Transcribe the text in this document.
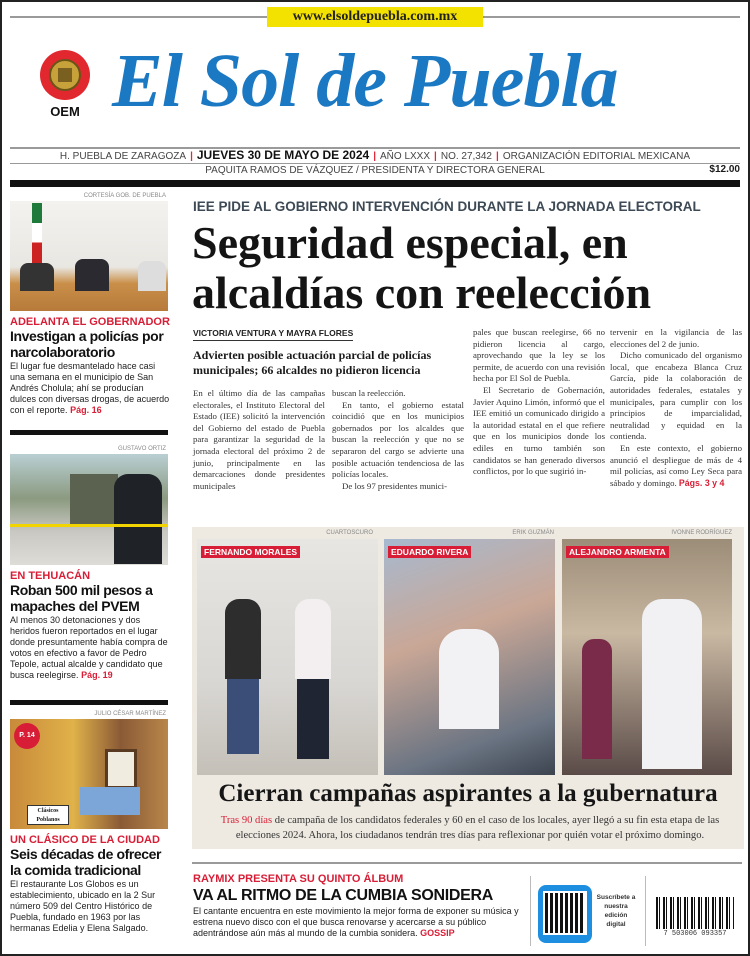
www.elsoldepuebla.com.mx
OEM El Sol de Puebla
H. PUEBLA DE ZARAGOZA | JUEVES 30 DE MAYO DE 2024 | AÑO LXXX | NO. 27,342 | ORGANIZACIÓN EDITORIAL MEXICANA
PAQUITA RAMOS DE VÁZQUEZ / PRESIDENTA Y DIRECTORA GENERAL	$12.00
CORTESÍA GOB. DE PUEBLA
ADELANTA EL GOBERNADOR
Investigan a policías por narcolaboratorio
El lugar fue desmantelado hace casi una semana en el municipio de San Andrés Cholula; ahí se producían dulces con diversas drogas, de acuerdo con el reporte. Pág. 16
GUSTAVO ORTIZ
EN TEHUACÁN
Roban 500 mil pesos a mapaches del PVEM
Al menos 30 detonaciones y dos heridos fueron reportados en el lugar donde presuntamente había compra de votos en efectivo a favor de Pedro Tepole, actual alcalde y candidato que busca reelegirse. Pág. 19
JULIO CÉSAR MARTÍNEZ
P. 14
Clásicos Poblanos
UN CLÁSICO DE LA CIUDAD
Seis décadas de ofrecer la comida tradicional
El restaurante Los Globos es un establecimiento, ubicado en la 2 Sur número 509 del Centro Histórico de Puebla, fundado en 1963 por las hermanas Edelia y Elena Salgado.
IEE PIDE AL GOBIERNO INTERVENCIÓN DURANTE LA JORNADA ELECTORAL
Seguridad especial, en alcaldías con reelección
VICTORIA VENTURA Y MAYRA FLORES
Advierten posible actuación parcial de policías municipales; 66 alcaldes no pidieron licencia

En el último día de las campañas electorales, el Instituto Electoral del Estado (IEE) solicitó la intervención del Gobierno del estado de Puebla para garantizar la seguridad de la jornada electoral del próximo 2 de junio, principalmente en las demarcaciones donde presidentes municipales

buscan la reelección.

En tanto, el gobierno estatal coincidió que en los municipios gobernados por los alcaldes que buscan la reelección y que no se separaron del cargo se advierte una posible actuación tendenciosa de las policías locales.

De los 97 presidentes munici-

pales que buscan reelegirse, 66 no pidieron licencia al cargo, aprovechando que la ley se los permite, de acuerdo con una revisión hecha por El Sol de Puebla.

El Secretario de Gobernación, Javier Aquino Limón, informó que el IEE emitió un comunicado dirigido a la autoridad estatal en el que refiere que en los municipios donde los ediles en turno también son candidatos se han generado diversos conflictos, por lo que sugirió in-

tervenir en la vigilancia de las elecciones del 2 de junio.

Dicho comunicado del organismo local, que encabeza Blanca Cruz García, pide la colaboración de autoridades federales, estatales y municipales, para cumplir con los principios de imparcialidad, neutralidad y equidad en la contienda.

En este contexto, el gobierno anunció el despliegue de más de 4 mil policías, así como Ley Seca para sábado y domingo. Págs. 3 y 4

CUARTOSCURO	ERIK GUZMÁN	IVONNE RODRÍGUEZ
FERNANDO MORALES	EDUARDO RIVERA	ALEJANDRO ARMENTA
Cierran campañas aspirantes a la gubernatura
Tras 90 días de campaña de los candidatos federales y 60 en el caso de los locales, ayer llegó a su fin esta etapa de las elecciones 2024. Ahora, los ciudadanos tendrán tres días para reflexionar por quién votar el próximo domingo.
RAYMIX PRESENTA SU QUINTO ÁLBUM
VA AL RITMO DE LA CUMBIA SONIDERA
El cantante encuentra en este movimiento la mejor forma de exponer su música y estrena nuevo disco con el que busca renovarse y acercarse a su público adentrándose aún más al mundo de la cumbia sonidera. GOSSIP
Suscríbete a nuestra edición digital
7 503006 093357
